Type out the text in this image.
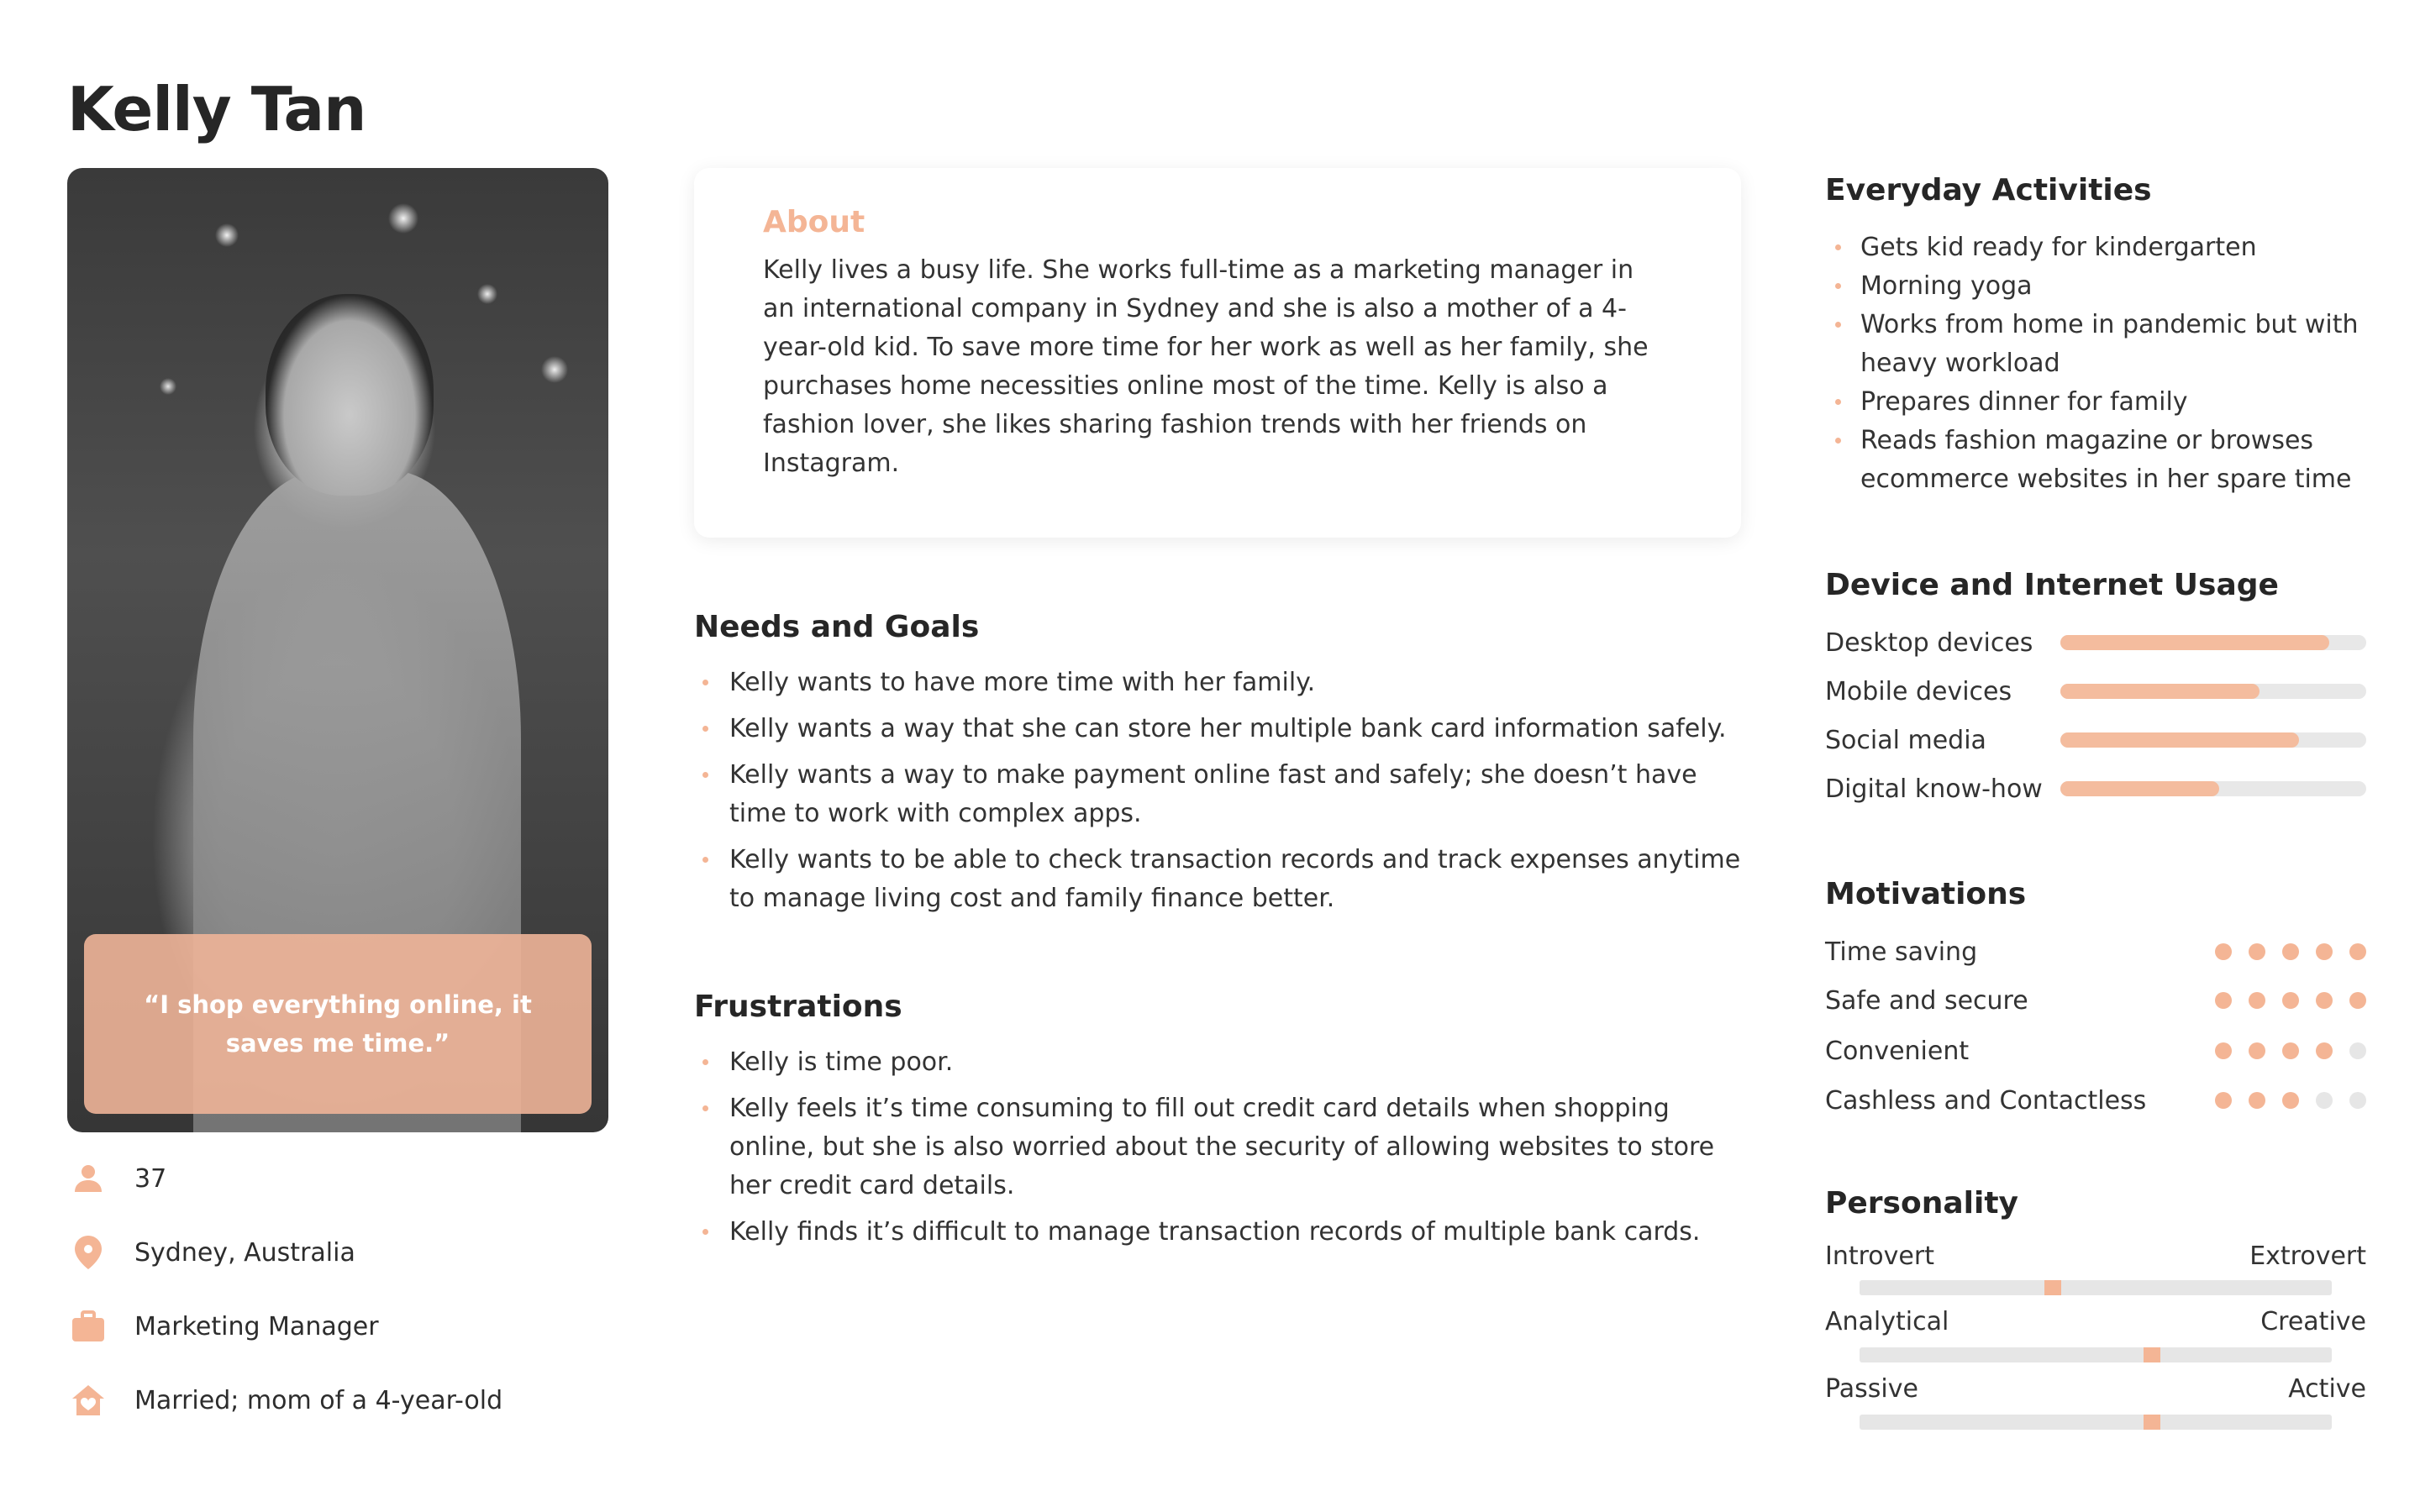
Kelly Tan
“I shop everything online, it saves me time.”
37
Sydney, Australia
Marketing Manager
Married; mom of a 4-year-old
About
Kelly lives a busy life. She works full-time as a marketing manager in an international company in Sydney and she is also a mother of a 4-year-old kid. To save more time for her work as well as her family, she purchases home necessities online most of the time. Kelly is also a fashion lover, she likes sharing fashion trends with her friends on Instagram.
Needs and Goals
Kelly wants to have more time with her family.
Kelly wants a way that she can store her multiple bank card information safely.
Kelly wants a way to make payment online fast and safely; she doesn’t have time to work with complex apps.
Kelly wants to be able to check transaction records and track expenses anytime to manage living cost and family finance better.
Frustrations
Kelly is time poor.
Kelly feels it’s time consuming to fill out credit card details when shopping online, but she is also worried about the security of allowing websites to store her credit card details.
Kelly finds it’s difficult to manage transaction records of multiple bank cards.
Everyday Activities
Gets kid ready for kindergarten
Morning yoga
Works from home in pandemic but with heavy workload
Prepares dinner for family
Reads fashion magazine or browses ecommerce websites in her spare time
Device and Internet Usage
Desktop devices
Mobile devices
Social media
Digital know-how
Motivations
Time saving
Safe and secure
Convenient
Cashless and Contactless
Personality
Introvert	Extrovert
Analytical	Creative
Passive	Active
